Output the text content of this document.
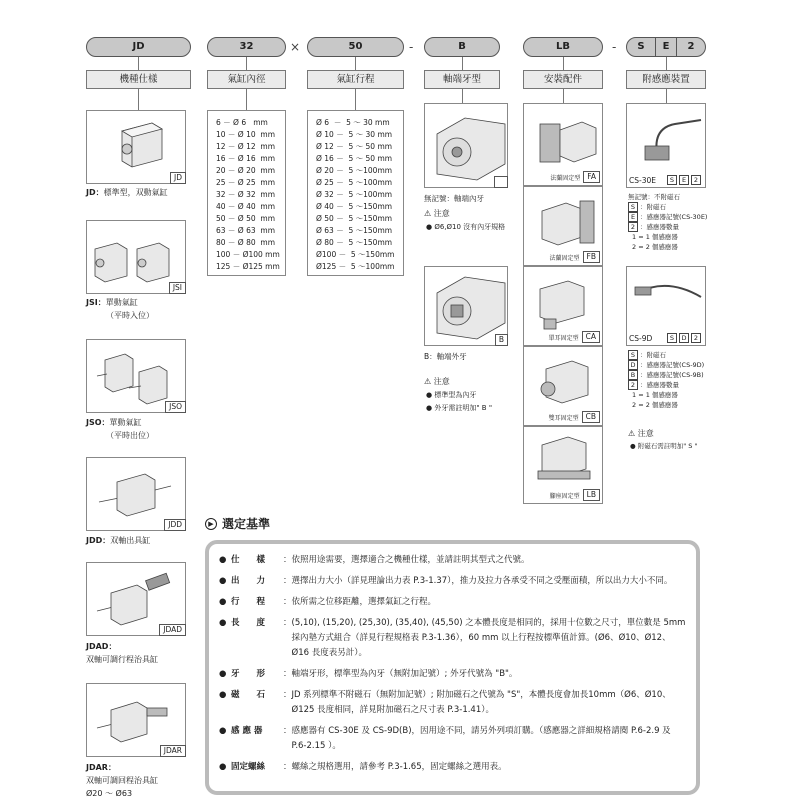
JD	32	×	50	-	B	LB	-	S	E	2
機種仕樣	氣缸內徑	氣缸行程	軸端牙型	安裝配件	附感應裝置
JD
JD：標準型，双動氣缸
JSI
JSI：單動氣缸
（平時入位）
JSO
JSO：單動氣缸
（平時出位）
JDD
JDD：双軸出具缸
JDAD
JDAD：
双軸可調行程治具缸
JDAR
JDAR：
双軸可調回程治具缸
Ø20 ～ Ø63
6 － Ø 6   mm
10 － Ø 10  mm
12 － Ø 12  mm
16 － Ø 16  mm
20 － Ø 20  mm
25 － Ø 25  mm
32 － Ø 32  mm
40 － Ø 40  mm
50 － Ø 50  mm
63 － Ø 63  mm
80 － Ø 80  mm
100 － Ø100 mm
125 － Ø125 mm
Ø 6  －  5 ～ 30 mm
Ø 10 －  5 ～ 30 mm
Ø 12 －  5 ～ 50 mm
Ø 16 －  5 ～ 50 mm
Ø 20 －  5 ～100mm
Ø 25 －  5 ～100mm
Ø 32 －  5 ～100mm
Ø 40 －  5 ～150mm
Ø 50 －  5 ～150mm
Ø 63 －  5 ～150mm
Ø 80 －  5 ～150mm
Ø100 －  5 ～150mm
Ø125 －  5 ～100mm
無記號：軸端內牙
⚠ 注意
● Ø6,Ø10 沒有內牙規格
B
B：軸端外牙
⚠ 注意
● 標準型為內牙
● 外牙需註明加" B "
法蘭固定型 FA
法蘭固定型 FB
單耳固定型 CA
雙耳固定型 CB
腳座固定型 LB
CS-30E	S E 2
無記號：不附磁石
S ：附磁石
E ：感應器記號(CS-30E)
2 ：感應器數量
1 = 1 個感應器
2 = 2 個感應器
CS-9D	S D 2
S ：附磁石
D ：感應器記號(CS-9D)
B ：感應器記號(CS-9B)
2 ：感應器數量
1 = 1 個感應器
2 = 2 個感應器
⚠ 注意
● 附磁石需註明加" S "
▶ 選定基準
● 仕　　樣	： 依照用途需要，選擇適合之機種仕樣，並請註明其型式之代號。
● 出　　力	： 選擇出力大小（詳見理論出力表 P.3-1.37），推力及拉力各承受不同之受壓面積，所以出力大小不同。
● 行　　程	： 依所需之位移距離，選擇氣缸之行程。
● 長　　度	： (5,10), (15,20), (25,30), (35,40), (45,50) 之本體長度是相同的，採用十位數之尺寸，單位數是 5mm 採內墊方式組合（詳見行程規格表 P.3-1.36），60 mm 以上行程按標準值計算。(Ø6、Ø10、Ø12、Ø16 長度表另計）。
● 牙　　形	： 軸端牙形，標準型為內牙（無附加記號）; 外牙代號為 "B"。
● 磁　　石	： JD 系列標準不附磁石（無附加記號）; 附加磁石之代號為 "S"，本體長度會加長10mm（Ø6、Ø10、Ø125 長度相同，詳見附加磁石之尺寸表 P.3-1.41）。
● 感 應 器	： 感應器有 CS-30E 及 CS-9D(B)，因用途不同，請另外列項訂購。（感應器之詳細規格請閱 P.6-2.9 及 P.6-2.15 ）。
● 固定螺絲	： 螺絲之規格選用，請參考 P.3-1.65，固定螺絲之選用表。
